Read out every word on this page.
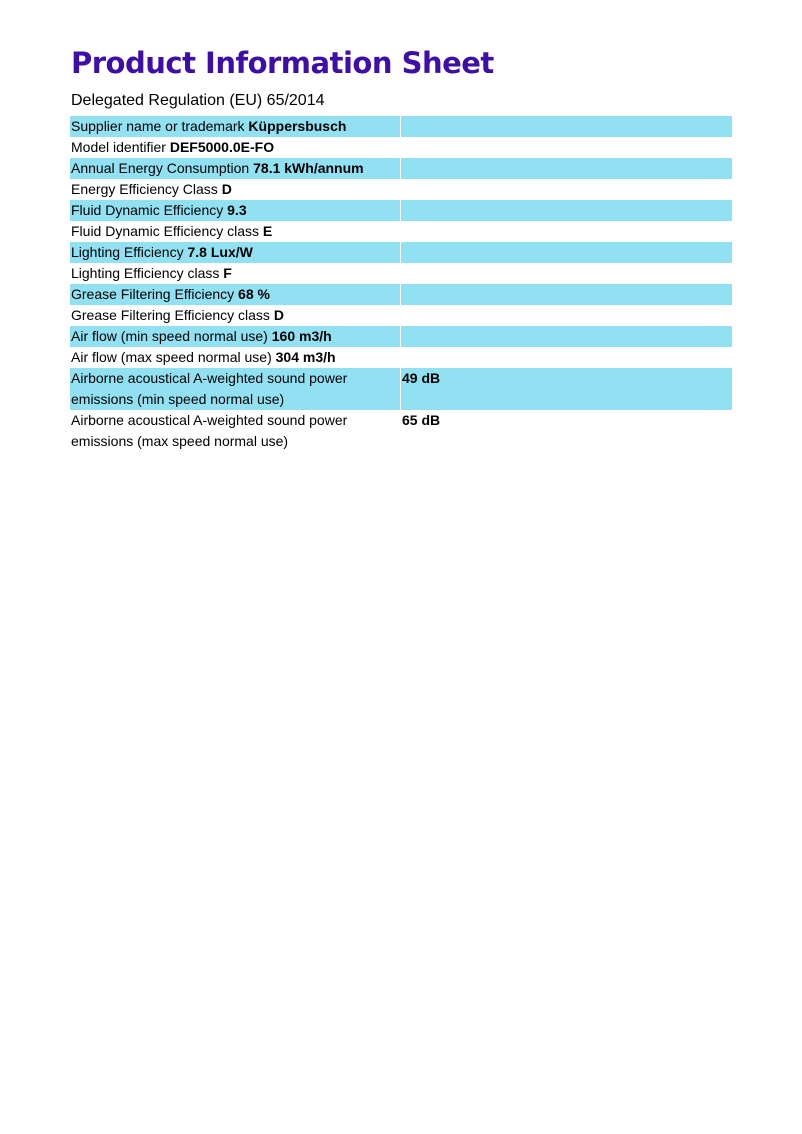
Product Information Sheet
Delegated Regulation (EU) 65/2014
Supplier name or trademark Küppersbusch
Model identifier DEF5000.0E-FO
Annual Energy Consumption 78.1 kWh/annum
Energy Efficiency Class D
Fluid Dynamic Efficiency 9.3
Fluid Dynamic Efficiency class E
Lighting Efficiency 7.8 Lux/W
Lighting Efficiency class F
Grease Filtering Efficiency 68 %
Grease Filtering Efficiency class D
Air flow (min speed normal use) 160 m3/h
Air flow (max speed normal use) 304 m3/h
Airborne acoustical A-weighted sound power emissions (min speed normal use)
49 dB
Airborne acoustical A-weighted sound power emissions (max speed normal use)
65 dB
